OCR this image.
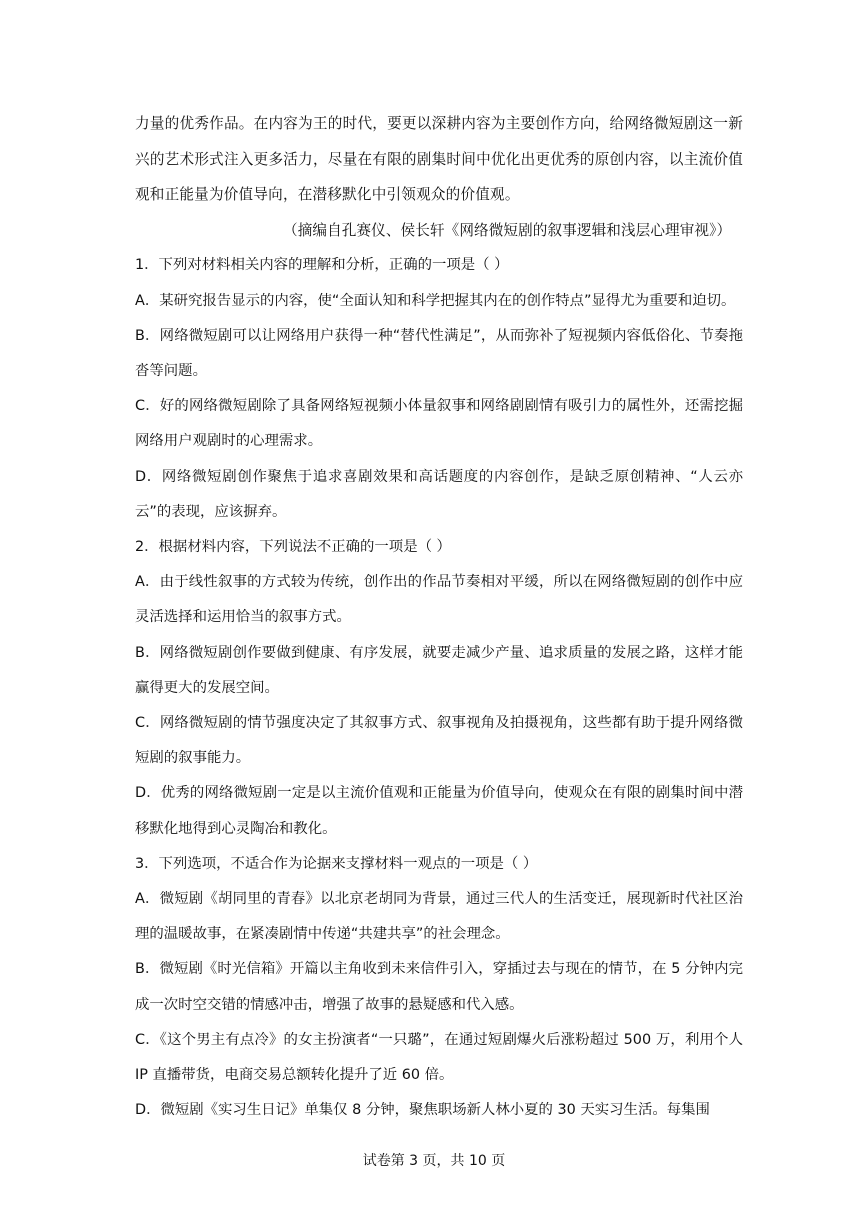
力量的优秀作品。在内容为王的时代，要更以深耕内容为主要创作方向，给网络微短剧这一新兴的艺术形式注入更多活力，尽量在有限的剧集时间中优化出更优秀的原创内容，以主流价值观和正能量为价值导向，在潜移默化中引领观众的价值观。

（摘编自孔赛仪、侯长轩《网络微短剧的叙事逻辑和浅层心理审视》）

1．下列对材料相关内容的理解和分析，正确的一项是（ ）

A．某研究报告显示的内容，使“全面认知和科学把握其内在的创作特点”显得尤为重要和迫切。

B．网络微短剧可以让网络用户获得一种“替代性满足”，从而弥补了短视频内容低俗化、节奏拖沓等问题。

C．好的网络微短剧除了具备网络短视频小体量叙事和网络剧剧情有吸引力的属性外，还需挖掘网络用户观剧时的心理需求。

D．网络微短剧创作聚焦于追求喜剧效果和高话题度的内容创作，是缺乏原创精神、“人云亦云”的表现，应该摒弃。

2．根据材料内容，下列说法不正确的一项是（ ）

A．由于线性叙事的方式较为传统，创作出的作品节奏相对平缓，所以在网络微短剧的创作中应灵活选择和运用恰当的叙事方式。

B．网络微短剧创作要做到健康、有序发展，就要走减少产量、追求质量的发展之路，这样才能赢得更大的发展空间。

C．网络微短剧的情节强度决定了其叙事方式、叙事视角及拍摄视角，这些都有助于提升网络微短剧的叙事能力。

D．优秀的网络微短剧一定是以主流价值观和正能量为价值导向，使观众在有限的剧集时间中潜移默化地得到心灵陶冶和教化。

3．下列选项，不适合作为论据来支撑材料一观点的一项是（ ）

A．微短剧《胡同里的青春》以北京老胡同为背景，通过三代人的生活变迁，展现新时代社区治理的温暖故事，在紧凑剧情中传递“共建共享”的社会理念。

B．微短剧《时光信箱》开篇以主角收到未来信件引入，穿插过去与现在的情节，在 5 分钟内完成一次时空交错的情感冲击，增强了故事的悬疑感和代入感。

C．《这个男主有点冷》的女主扮演者“一只璐”，在通过短剧爆火后涨粉超过 500 万，利用个人 IP 直播带货，电商交易总额转化提升了近 60 倍。

D．微短剧《实习生日记》单集仅 8 分钟，聚焦职场新人林小夏的 30 天实习生活。每集围

试卷第 3 页，共 10 页
